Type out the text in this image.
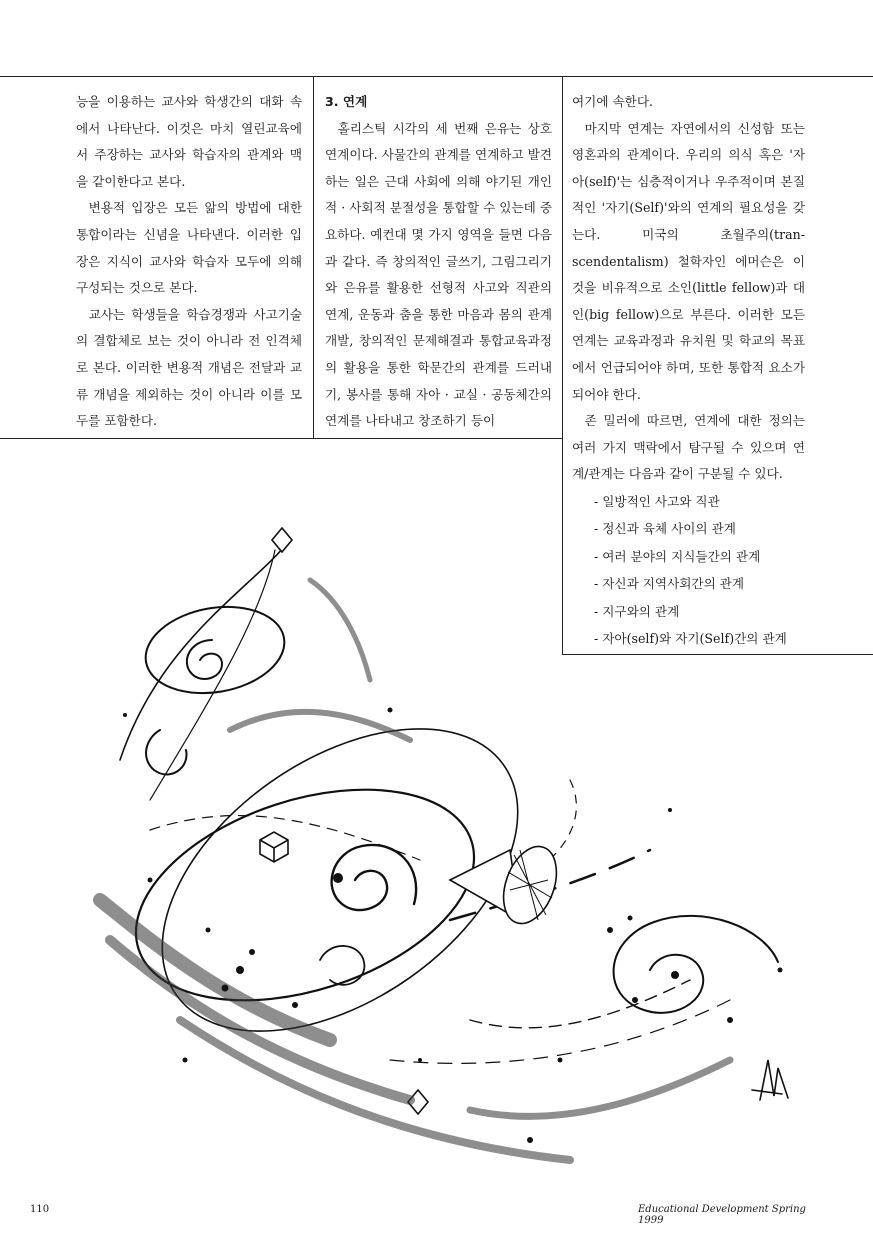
능을 이용하는 교사와 학생간의 대화 속에서 나타난다. 이것은 마치 열린교육에서 주장하는 교사와 학습자의 관계와 맥을 같이한다고 본다.

변용적 입장은 모든 앎의 방법에 대한 통합이라는 신념을 나타낸다. 이러한 입장은 지식이 교사와 학습자 모두에 의해 구성되는 것으로 본다.

교사는 학생들을 학습경쟁과 사고기술의 결합체로 보는 것이 아니라 전 인격체로 본다. 이러한 변용적 개념은 전달과 교류 개념을 제외하는 것이 아니라 이를 모두를 포함한다.

3. 연계

홀리스틱 시각의 세 번째 은유는 상호연계이다. 사물간의 관계를 연계하고 발견하는 일은 근대 사회에 의해 야기된 개인적 · 사회적 분절성을 통합할 수 있는데 중요하다. 예컨대 몇 가지 영역을 들면 다음과 같다. 즉 창의적인 글쓰기, 그림그리기와 은유를 활용한 선형적 사고와 직관의 연계, 운동과 춤을 통한 마음과 몸의 관계 개발, 창의적인 문제해결과 통합교육과정의 활용을 통한 학문간의 관계를 드러내기, 봉사를 통해 자아 · 교실 · 공동체간의 연계를 나타내고 창조하기 등이

여기에 속한다.

마지막 연계는 자연에서의 신성함 또는 영혼과의 관계이다. 우리의 의식 혹은 '자아(self)'는 심층적이거나 우주적이며 본질적인 '자기(Self)'와의 연계의 필요성을 갖는다. 미국의 초월주의(tran-scendentalism) 철학자인 에머슨은 이 것을 비유적으로 소인(little fellow)과 대인(big fellow)으로 부른다. 이러한 모든 연계는 교육과정과 유치원 및 학교의 목표에서 언급되어야 하며, 또한 통합적 요소가 되어야 한다.

존 밀러에 따르면, 연계에 대한 정의는 여러 가지 맥락에서 탐구될 수 있으며 연계/관계는 다음과 같이 구분될 수 있다.

- 일방적인 사고와 직관
- 정신과 육체 사이의 관계
- 여러 분야의 지식들간의 관계
- 자신과 지역사회간의 관계
- 지구와의 관계
- 자아(self)와 자기(Self)간의 관계
110	Educational Development Spring 1999
